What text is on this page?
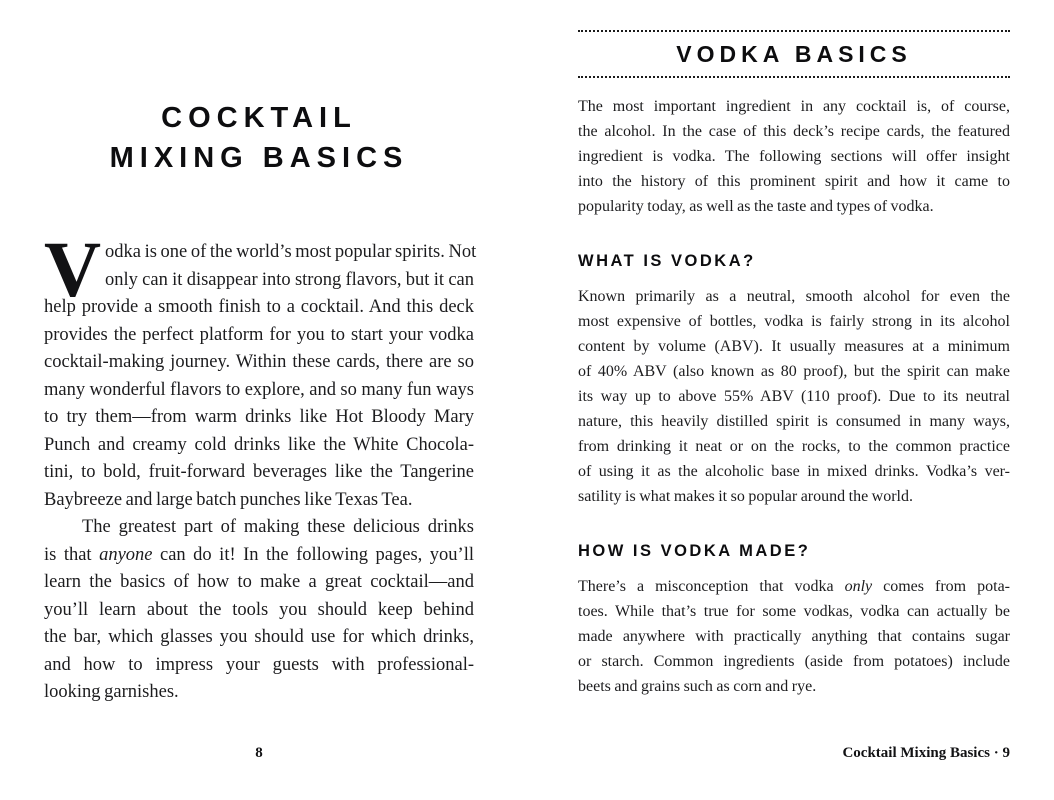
COCKTAIL
MIXING BASICS
V odka is one of the world’s most popular spirits. Not
only can it disappear into strong flavors, but it can
help provide a smooth finish to a cocktail. And this deck
provides the perfect platform for you to start your vodka
cocktail-making journey. Within these cards, there are so
many wonderful flavors to explore, and so many fun ways
to try them—from warm drinks like Hot Bloody Mary
Punch and creamy cold drinks like the White Chocola-
tini, to bold, fruit-forward beverages like the Tangerine
Baybreeze and large batch punches like Texas Tea.
The greatest part of making these delicious drinks
is that anyone can do it! In the following pages, you’ll
learn the basics of how to make a great cocktail—and
you’ll learn about the tools you should keep behind
the bar, which glasses you should use for which drinks,
and how to impress your guests with professional-
looking garnishes.
8
VODKA BASICS
The most important ingredient in any cocktail is, of course,
the alcohol. In the case of this deck’s recipe cards, the featured
ingredient is vodka. The following sections will offer insight
into the history of this prominent spirit and how it came to
popularity today, as well as the taste and types of vodka.
WHAT IS VODKA?
Known primarily as a neutral, smooth alcohol for even the
most expensive of bottles, vodka is fairly strong in its alcohol
content by volume (ABV). It usually measures at a minimum
of 40% ABV (also known as 80 proof), but the spirit can make
its way up to above 55% ABV (110 proof). Due to its neutral
nature, this heavily distilled spirit is consumed in many ways,
from drinking it neat or on the rocks, to the common practice
of using it as the alcoholic base in mixed drinks. Vodka’s ver-
satility is what makes it so popular around the world.
HOW IS VODKA MADE?
There’s a misconception that vodka only comes from pota-
toes. While that’s true for some vodkas, vodka can actually be
made anywhere with practically anything that contains sugar
or starch. Common ingredients (aside from potatoes) include
beets and grains such as corn and rye.
Cocktail Mixing Basics · 9
